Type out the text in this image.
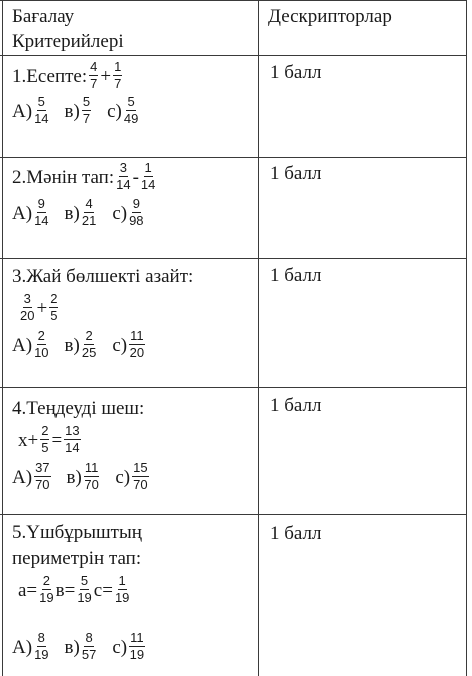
Бағалау
Критерийлері
Дескрипторлар
1.Есепте: $\frac{4}{7} + \frac{1}{7}$
$A) \frac{5}{14} в) \frac{5}{7} c) \frac{5}{49}$
1 балл
2.Мәнін тап: $\frac{3}{14} - \frac{1}{14}$
$A) \frac{9}{14} в) \frac{4}{21} c) \frac{9}{98}$
1 балл
3.Жай бөлшекті азайт:
$\frac{3}{20} + \frac{2}{5}$
$A) \frac{2}{10} в) \frac{2}{25} c) \frac{11}{20}$
1 балл
4.Теңдеуді шеш:
$x+ \frac{2}{5} = \frac{13}{14}$
$A) \frac{37}{70} в) \frac{11}{70} c) \frac{15}{70}$
1 балл
5.Үшбұрыштың
периметрін тап:
$a= \frac{2}{19} в= \frac{5}{19} c= \frac{1}{19}$
$A) \frac{8}{19} в) \frac{8}{57} c) \frac{11}{19}$
1 балл
